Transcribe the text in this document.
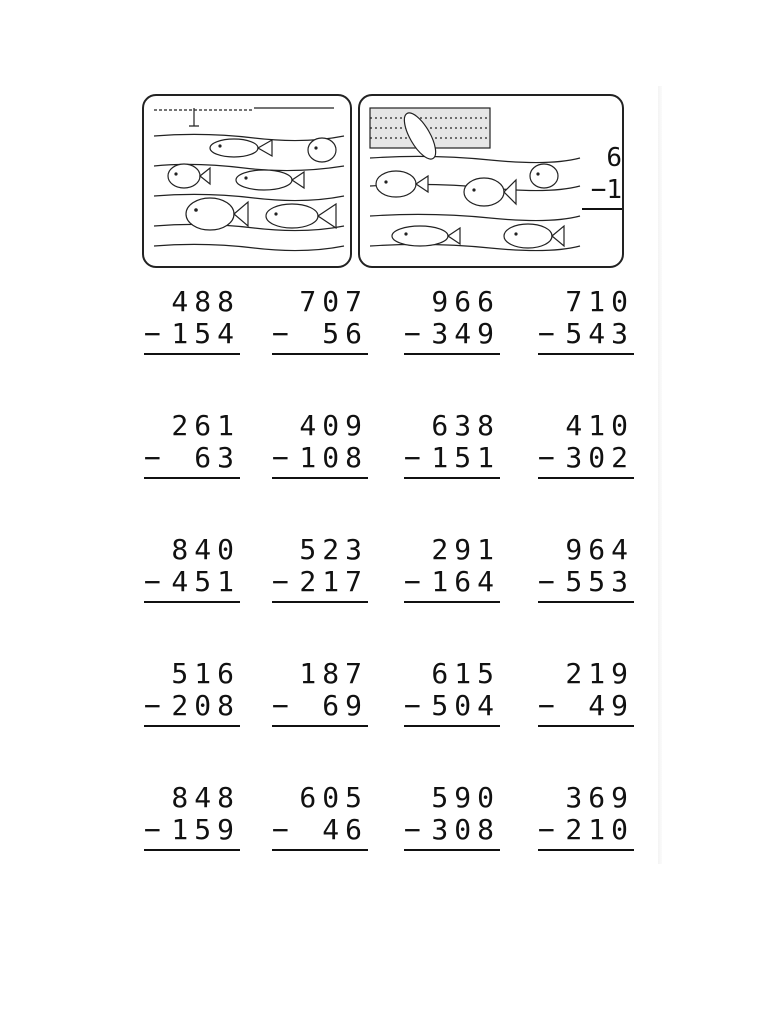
6
−1
488
− 154
707
−	56
966
− 349
710
− 543
261
−	63
409
− 108
638
− 151
410
− 302
840
− 451
523
− 217
291
− 164
964
− 553
516
− 208
187
−	69
615
− 504
219
−	49
848
− 159
605
−	46
590
− 308
369
− 210
